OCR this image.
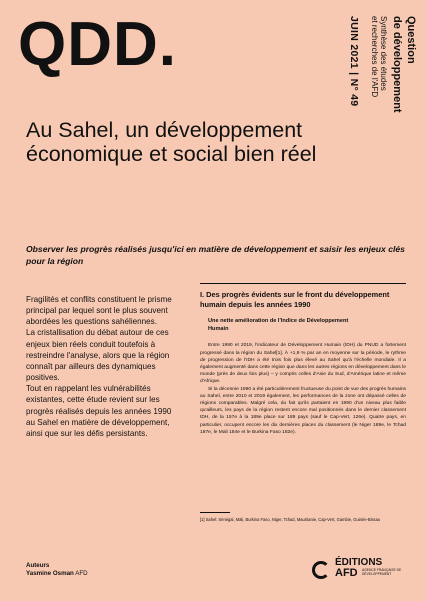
QDD.	Question
de développement
Synthèse des études
et recherches de l'AFD
JUIN 2021 | N° 49
Au Sahel, un développement économique et social bien réel
Observer les progrès réalisés jusqu'ici en matière de développement et saisir les enjeux clés pour la région

Fragilités et conflits constituent le prisme principal par lequel sont le plus souvent abordées les questions sahéliennes.

La cristallisation du débat autour de ces enjeux bien réels conduit toutefois à restreindre l'analyse, alors que la région connaît par ailleurs des dynamiques positives.

Tout en rappelant les vulnérabilités existantes, cette étude revient sur les progrès réalisés depuis les années 1990 au Sahel en matière de développement, ainsi que sur les défis persistants.

I. Des progrès évidents sur le front du développement humain depuis les années 1990
Une nette amélioration de l'Indice de Développement Humain

Entre 1990 et 2019, l'indicateur de Développement Humain (IDH) du PNUD a fortement progressé dans la région du Sahel[1]. À +1,9 % par an en moyenne sur la période, le rythme de progression de l'IDH a été trois fois plus élevé au Sahel qu'à l'échelle mondiale. Il a également augmenté dans cette région que dans les autres régions en développement dans le monde (près de deux fois plus) – y compris celles d'Asie du Sud, d'Amérique latine et même d'Afrique.

Si la décennie 1990 a été particulièrement fructueuse du point de vue des progrès humains au Sahel, entre 2010 et 2019 également, les performances de la zone ont dépassé celles de régions comparables. Malgré cela, du fait qu'ils partaient en 1990 d'un niveau plus faible qu'ailleurs, les pays de la région restent encore mal positionnés dans le dernier classement IDH, de la 157e à la 189e place sur 189 pays (sauf le Cap-Vert, 126e). Quatre pays, en particulier, occupent encore les dix dernières places du classement (le Niger 189e, le Tchad 187e, le Mali 184e et le Burkina Faso 182e).

[1] Sahel: Sénégal, Mali, Burkina Faso, Niger, Tchad, Mauritanie, Cap-Vert, Gambie, Guinée-Bissau
Auteurs
Yasmine Osman AFD
ÉDITIONS
AFD AGENCE FRANÇAISE DE DÉVELOPPEMENT
